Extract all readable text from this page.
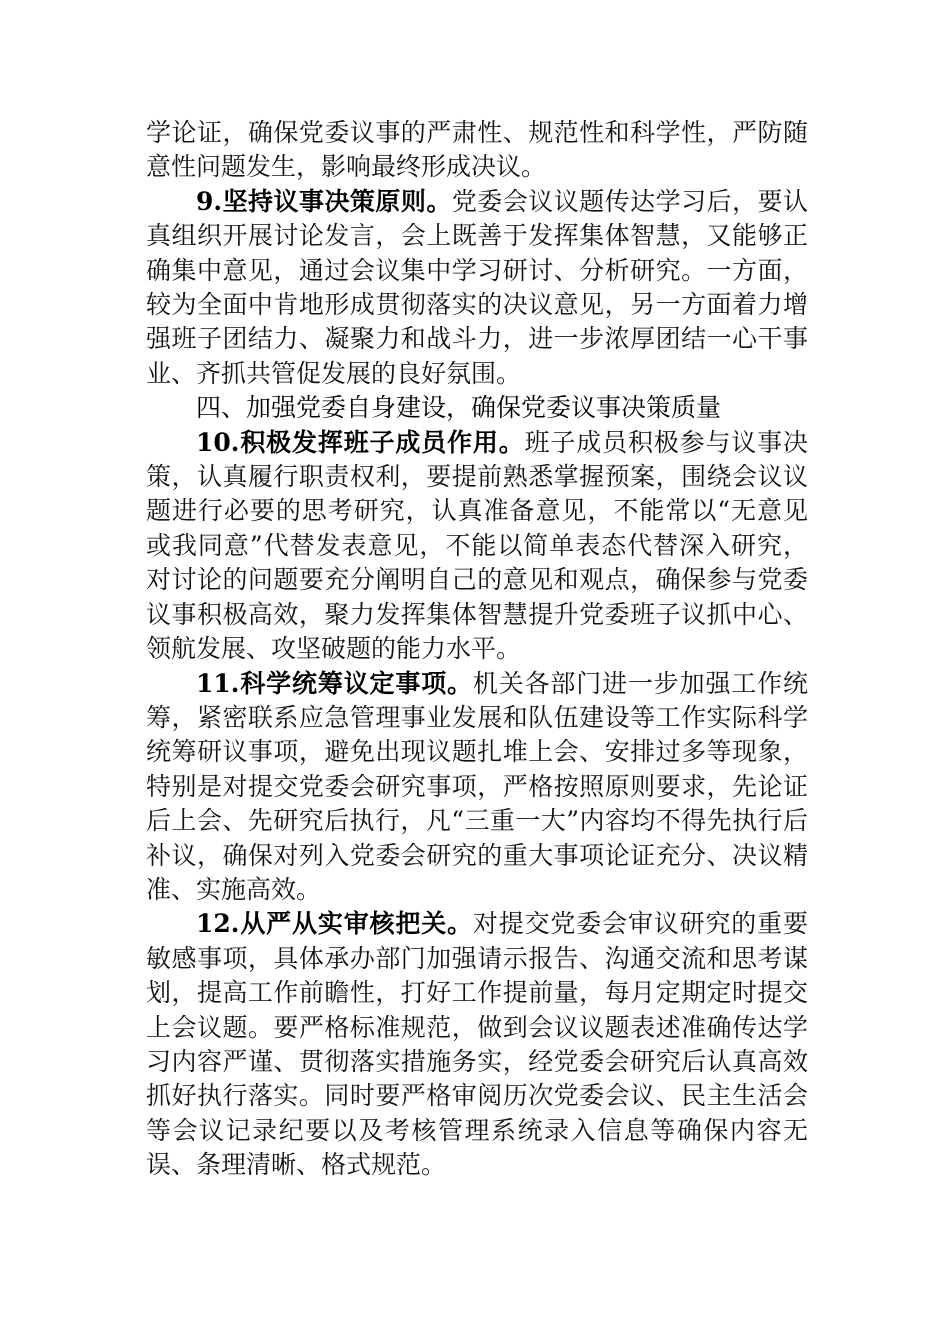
学论证，确保党委议事的严肃性、规范性和科学性，严防随意性问题发生，影响最终形成决议。

9.坚持议事决策原则。党委会议议题传达学习后，要认真组织开展讨论发言，会上既善于发挥集体智慧，又能够正确集中意见，通过会议集中学习研讨、分析研究。一方面，较为全面中肯地形成贯彻落实的决议意见，另一方面着力增强班子团结力、凝聚力和战斗力，进一步浓厚团结一心干事业、齐抓共管促发展的良好氛围。

四、加强党委自身建设，确保党委议事决策质量

10.积极发挥班子成员作用。班子成员积极参与议事决策，认真履行职责权利，要提前熟悉掌握预案，围绕会议议题进行必要的思考研究，认真准备意见，不能常以“无意见或我同意”代替发表意见，不能以简单表态代替深入研究，对讨论的问题要充分阐明自己的意见和观点，确保参与党委议事积极高效，聚力发挥集体智慧提升党委班子议抓中心、领航发展、攻坚破题的能力水平。

11.科学统筹议定事项。机关各部门进一步加强工作统筹，紧密联系应急管理事业发展和队伍建设等工作实际科学统筹研议事项，避免出现议题扎堆上会、安排过多等现象，特别是对提交党委会研究事项，严格按照原则要求，先论证后上会、先研究后执行，凡“三重一大”内容均不得先执行后补议，确保对列入党委会研究的重大事项论证充分、决议精准、实施高效。

12.从严从实审核把关。对提交党委会审议研究的重要敏感事项，具体承办部门加强请示报告、沟通交流和思考谋划，提高工作前瞻性，打好工作提前量，每月定期定时提交上会议题。要严格标准规范，做到会议议题表述准确传达学习内容严谨、贯彻落实措施务实，经党委会研究后认真高效抓好执行落实。同时要严格审阅历次党委会议、民主生活会等会议记录纪要以及考核管理系统录入信息等确保内容无误、条理清晰、格式规范。
